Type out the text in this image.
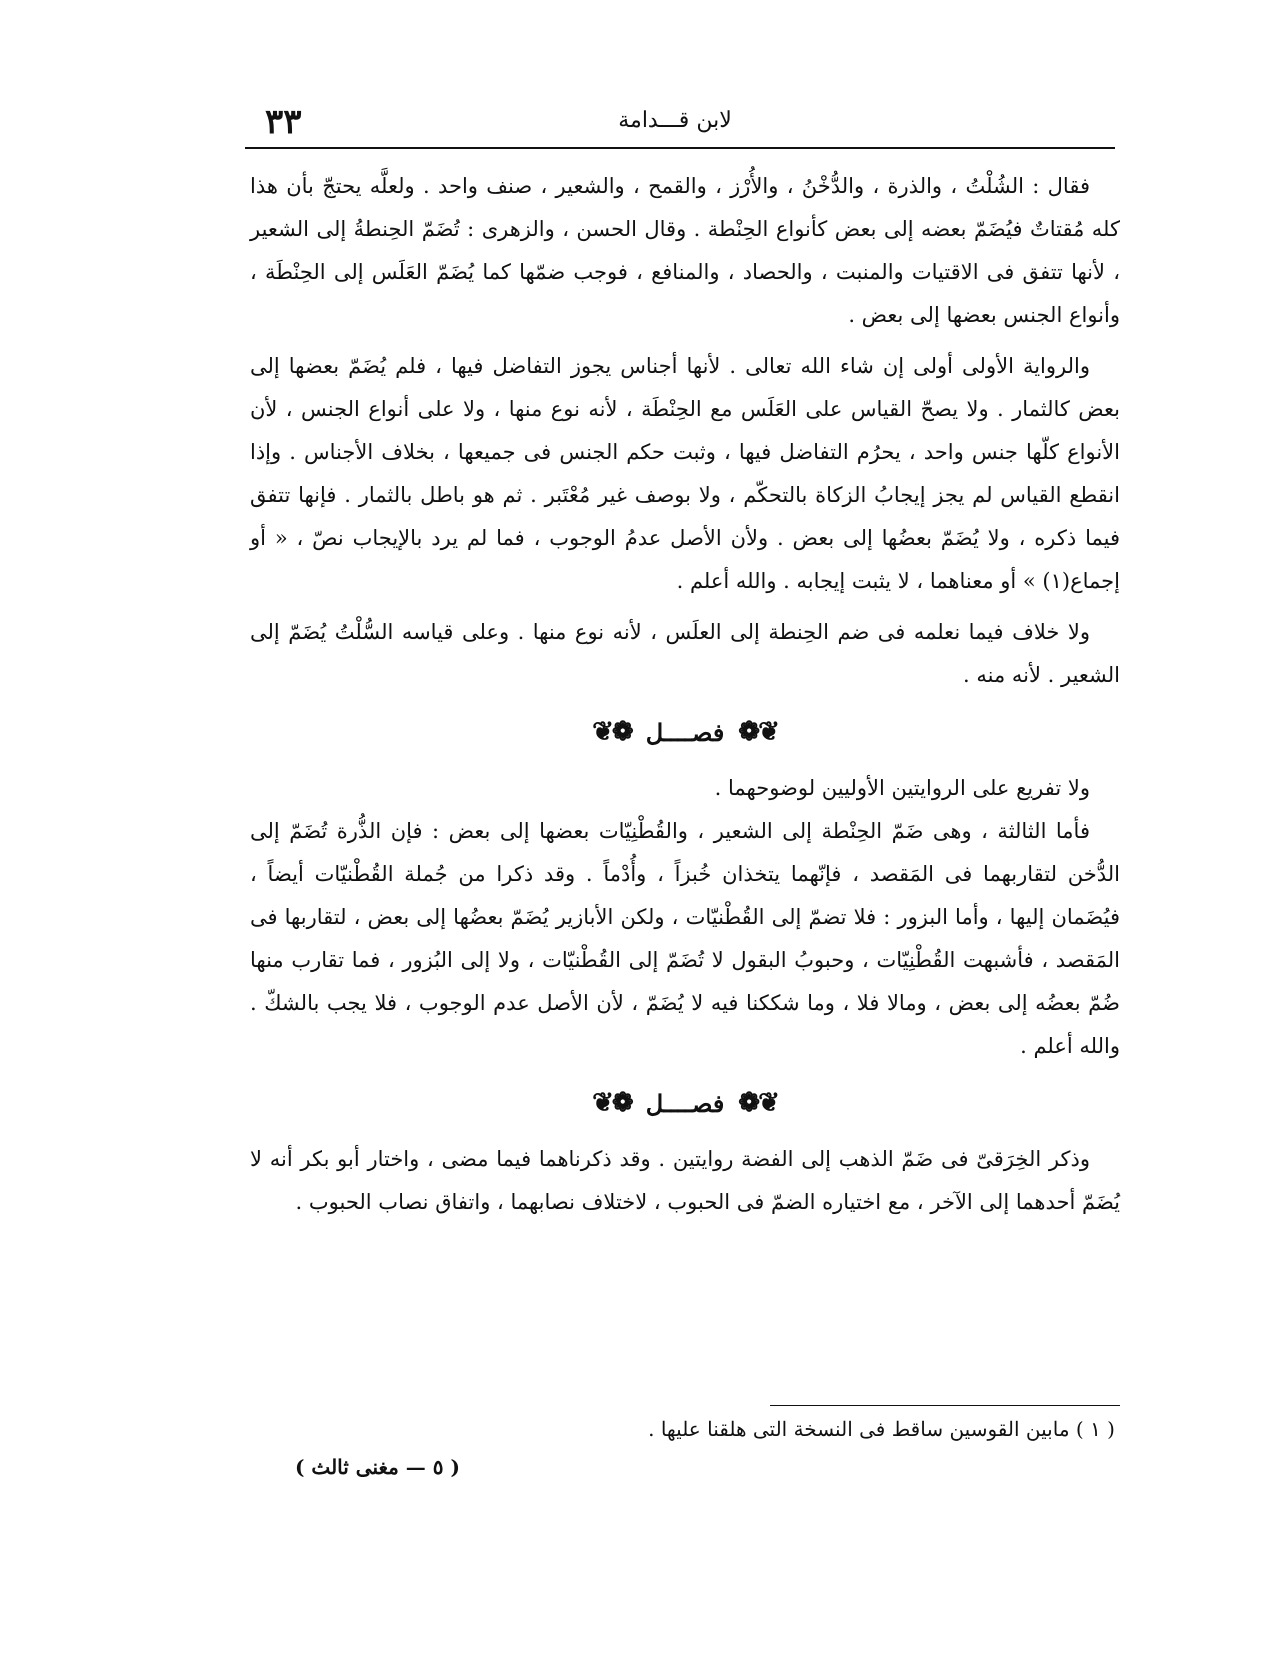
٣٣	لابن قـــدامة

فقال : الشُلْتُ ، والذرة ، والدُّخْنُ ، والأُرْز ، والقمح ، والشعير ، صنف واحد . ولعلَّه يحتجّ بأن هذا كله مُقتاتٌ فيُضَمّ بعضه إلى بعض كأنواع الحِنْطة . وقال الحسن ، والزهرى : تُضَمّ الحِنطةُ إلى الشعير ، لأنها تتفق فى الاقتيات والمنبت ، والحصاد ، والمنافع ، فوجب ضمّها كما يُضَمّ العَلَس إلى الحِنْطَة ، وأنواع الجنس بعضها إلى بعض .

والرواية الأولى أولى إن شاء الله تعالى . لأنها أجناس يجوز التفاضل فيها ، فلم يُضَمّ بعضها إلى بعض كالثمار . ولا يصحّ القياس على العَلَس مع الحِنْطَة ، لأنه نوع منها ، ولا على أنواع الجنس ، لأن الأنواع كلّها جنس واحد ، يحرُم التفاضل فيها ، وثبت حكم الجنس فى جميعها ، بخلاف الأجناس . وإذا انقطع القياس لم يجز إيجابُ الزكاة بالتحكّم ، ولا بوصف غير مُعْتَبر . ثم هو باطل بالثمار . فإنها تتفق فيما ذكره ، ولا يُضَمّ بعضُها إلى بعض . ولأن الأصل عدمُ الوجوب ، فما لم يرد بالإيجاب نصّ ، « أو إجماع(١) » أو معناهما ، لا يثبت إيجابه . والله أعلم .

ولا خلاف فيما نعلمه فى ضم الحِنطة إلى العلَس ، لأنه نوع منها . وعلى قياسه السُّلْتُ يُضَمّ إلى الشعير . لأنه منه .

❦❁
فصــــل
❁❦

ولا تفريع على الروايتين الأوليين لوضوحهما .

فأما الثالثة ، وهى ضَمّ الحِنْطة إلى الشعير ، والقُطْنِيّات بعضها إلى بعض : فإن الذُّرة تُضَمّ إلى الدُّخن لتقاربهما فى المَقصد ، فإنّهما يتخذان خُبزاً ، وأُدْماً . وقد ذكرا من جُملة القُطْنيّات أيضاً ، فيُضَمان إليها ، وأما البزور : فلا تضمّ إلى القُطْنيّات ، ولكن الأبازير يُضَمّ بعضُها إلى بعض ، لتقاربها فى المَقصد ، فأشبهت القُطْنِيّات ، وحبوبُ البقول لا تُضَمّ إلى القُطْنيّات ، ولا إلى البُزور ، فما تقارب منها ضُمّ بعضُه إلى بعض ، ومالا فلا ، وما شككنا فيه لا يُضَمّ ، لأن الأصل عدم الوجوب ، فلا يجب بالشكّ . والله أعلم .

❦❁
فصــــل
❁❦

وذكر الخِرَقىّ فى ضَمّ الذهب إلى الفضة روايتين . وقد ذكرناهما فيما مضى ، واختار أبو بكر أنه لا يُضَمّ أحدهما إلى الآخر ، مع اختياره الضمّ فى الحبوب ، لاختلاف نصابهما ، واتفاق نصاب الحبوب .

( ١ ) مابين القوسين ساقط فى النسخة التى هلقنا عليها .
( ٥ — مغنى ثالث )
